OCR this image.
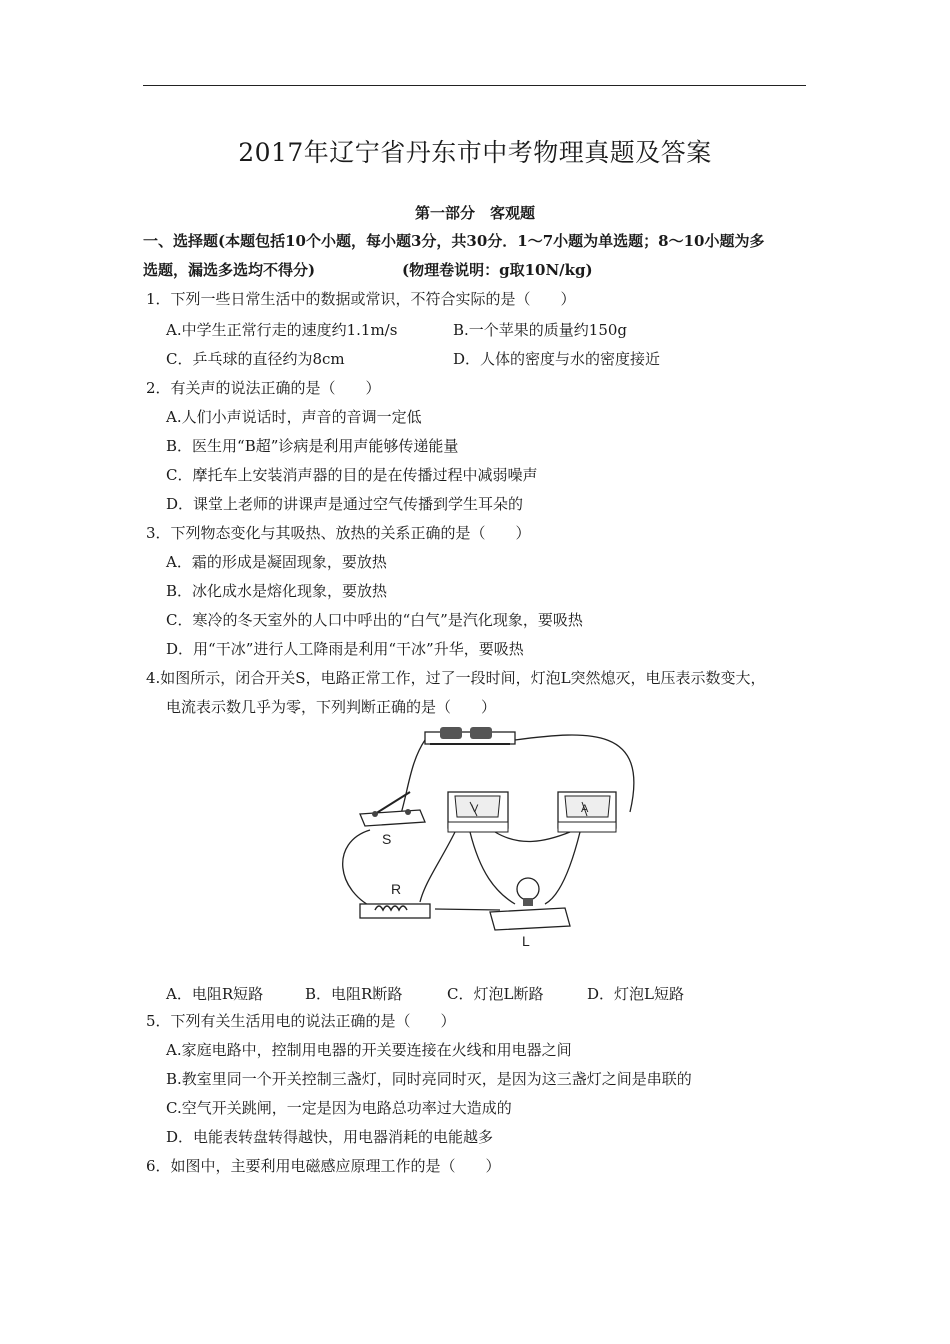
2017年辽宁省丹东市中考物理真题及答案
第一部分　客观题
一、选择题(本题包括10个小题，每小题3分，共30分．1～7小题为单选题；8～10小题为多
选题，漏选多选均不得分)	(物理卷说明：g取10N/kg)
1．下列一些日常生活中的数据或常识，不符合实际的是（　　）
A.中学生正常行走的速度约1.1m/s	B.一个苹果的质量约150g
C．乒乓球的直径约为8cm	D．人体的密度与水的密度接近
2．有关声的说法正确的是（　　）
A.人们小声说话时，声音的音调一定低
B．医生用“B超”诊病是利用声能够传递能量
C．摩托车上安装消声器的目的是在传播过程中减弱噪声
D．课堂上老师的讲课声是通过空气传播到学生耳朵的
3．下列物态变化与其吸热、放热的关系正确的是（　　）
A．霜的形成是凝固现象，要放热
B．冰化成水是熔化现象，要放热
C．寒冷的冬天室外的人口中呼出的“白气”是汽化现象，要吸热
D．用“干冰”进行人工降雨是利用“干冰”升华，要吸热
4.如图所示，闭合开关S，电路正常工作，过了一段时间，灯泡L突然熄灭，电压表示数变大，
电流表示数几乎为零，下列判断正确的是（　　）
S
V	A
R
L
A．电阻R短路	B．电阻R断路	C．灯泡L断路	D．灯泡L短路
5．下列有关生活用电的说法正确的是（　　）
A.家庭电路中，控制用电器的开关要连接在火线和用电器之间
B.教室里同一个开关控制三盏灯，同时亮同时灭，是因为这三盏灯之间是串联的
C.空气开关跳闸，一定是因为电路总功率过大造成的
D．电能表转盘转得越快，用电器消耗的电能越多
6．如图中，主要利用电磁感应原理工作的是（　　）
